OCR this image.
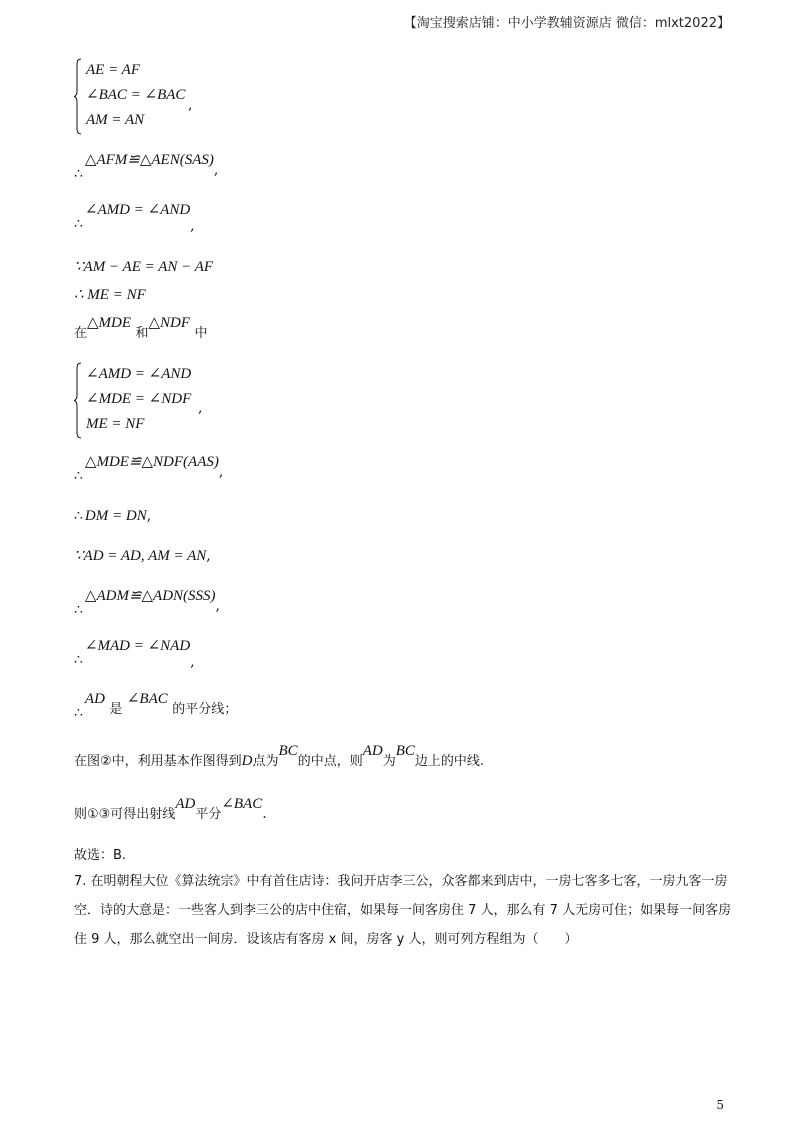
【淘宝搜索店铺：中小学教辅资源店 微信：mlxt2022】
AE = AF
∠BAC = ∠BAC
AM = AN
,
∴△AFM≌△AEN(SAS),
∴∠AMD = ∠AND,
∵AM − AE = AN − AF
∴ ME = NF
在△MDE 和△NDF 中
∠AMD = ∠AND
∠MDE = ∠NDF
ME = NF
,
∴△MDE≌△NDF(AAS),
∴ DM = DN,
∵AD = AD, AM = AN,
∴△ADM≌△ADN(SSS),
∴∠MAD = ∠NAD,
∴AD 是 ∠BAC 的平分线；
在图②中，利用基本作图得到D点为BC的中点，则AD为BC边上的中线.
则①③可得出射线AD平分∠BAC.
故选：B.
7. 在明朝程大位《算法统宗》中有首住店诗：我问开店李三公，众客都来到店中，一房七客多七客，一房九客一房空．诗的大意是：一些客人到李三公的店中住宿，如果每一间客房住 7 人，那么有 7 人无房可住；如果每一间客房住 9 人，那么就空出一间房．设该店有客房 x 间，房客 y 人，则可列方程组为（　　）
5
